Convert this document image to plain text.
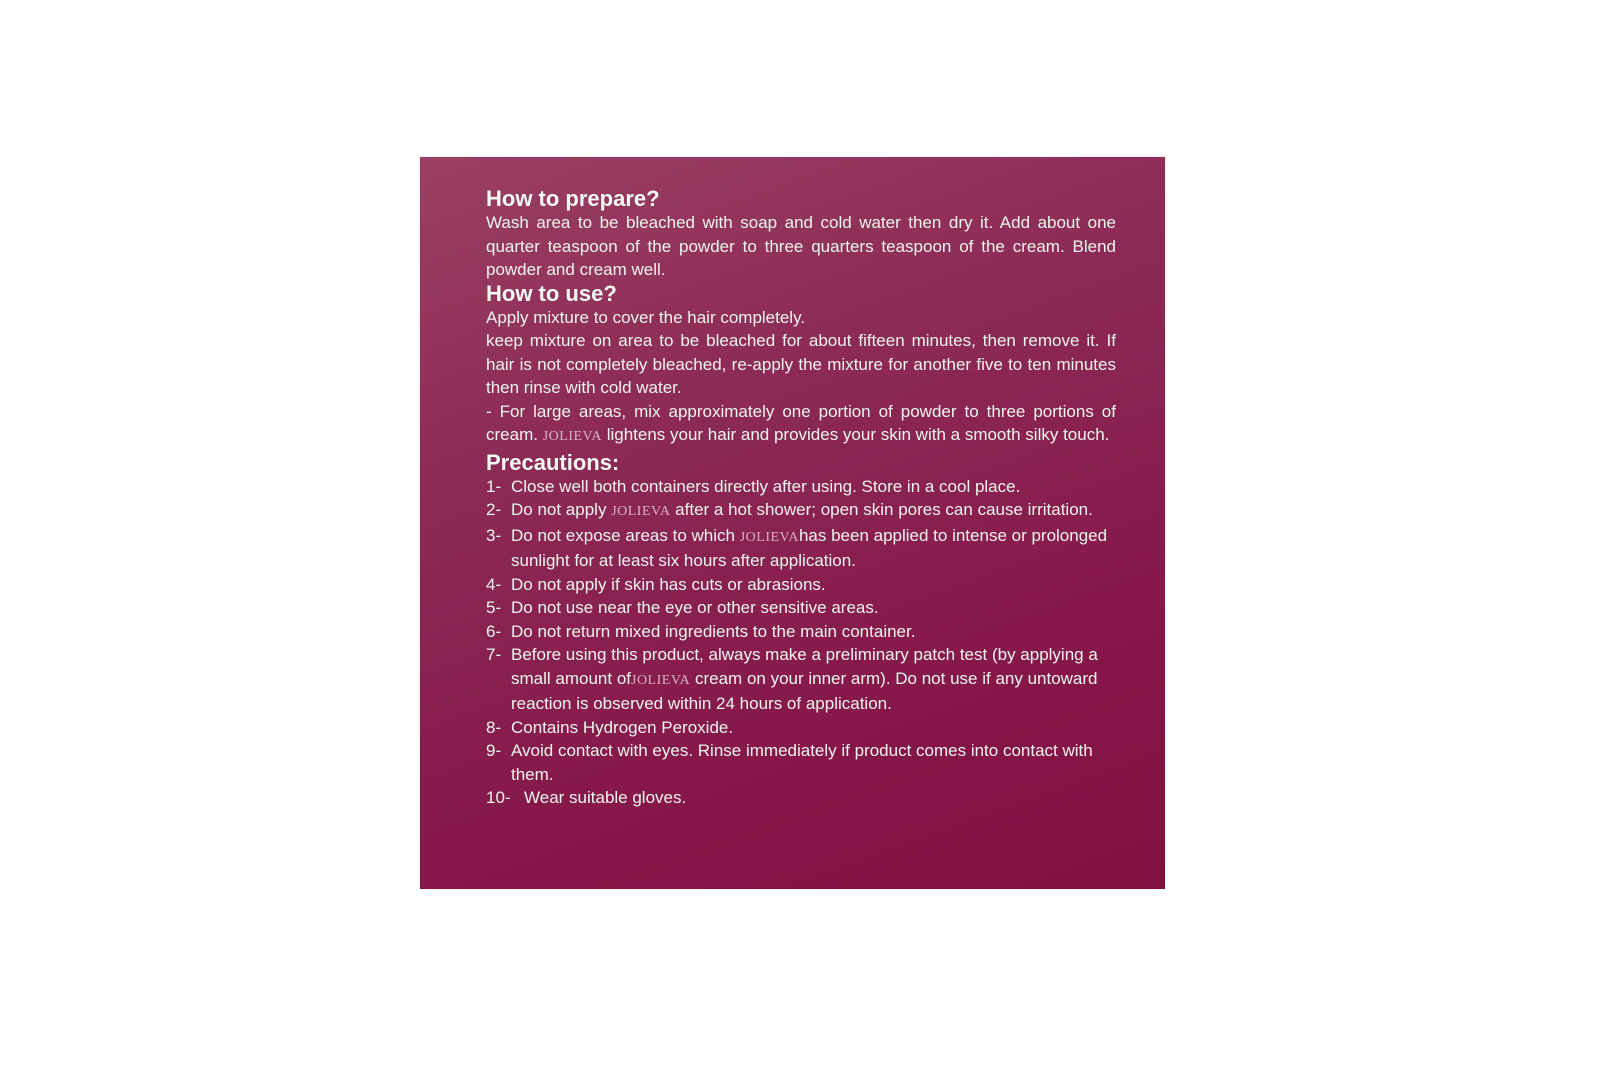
How to prepare?

Wash area to be bleached with soap and cold water then dry it. Add about one quarter teaspoon of the powder to three quarters teaspoon of the cream. Blend powder and cream well.

How to use?
Apply mixture to cover the hair completely.

keep mixture on area to be bleached for about fifteen minutes, then remove it. If hair is not completely bleached, re-apply the mixture for another five to ten minutes then rinse with cold water.

- For large areas, mix approximately one portion of powder to three portions of cream. JOLIEVA lightens your hair and provides your skin with a smooth silky touch.

Precautions:
1- Close well both containers directly after using. Store in a cool place.
2- Do not apply JOLIEVA after a hot shower; open skin pores can cause irritation.
3- Do not expose areas to which JOLIEVAhas been applied to intense or prolonged sunlight for at least six hours after application.
4- Do not apply if skin has cuts or abrasions.
5- Do not use near the eye or other sensitive areas.
6- Do not return mixed ingredients to the main container.
7- Before using this product, always make a preliminary patch test (by applying a small amount ofJOLIEVA cream on your inner arm). Do not use if any untoward reaction is observed within 24 hours of application.
8- Contains Hydrogen Peroxide.
9- Avoid contact with eyes. Rinse immediately if product comes into contact with them.
10- Wear suitable gloves.
